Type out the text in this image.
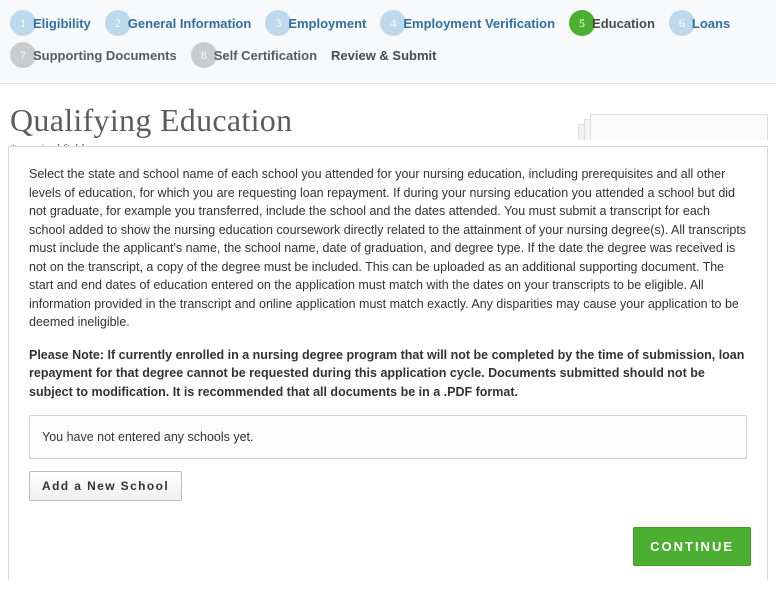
1 Eligibility	2 General Information	3 Employment	4 Employment Verification	5 Education	6 Loans
7 Supporting Documents	8 Self Certification Review & Submit
Qualifying Education

Select the state and school name of each school you attended for your nursing education, including prerequisites and all other levels of education, for which you are requesting loan repayment. If during your nursing education you attended a school but did not graduate, for example you transferred, include the school and the dates attended. You must submit a transcript for each school added to show the nursing education coursework directly related to the attainment of your nursing degree(s). All transcripts must include the applicant's name, the school name, date of graduation, and degree type. If the date the degree was received is not on the transcript, a copy of the degree must be included. This can be uploaded as an additional supporting document. The start and end dates of education entered on the application must match with the dates on your transcripts to be eligible. All information provided in the transcript and online application must match exactly. Any disparities may cause your application to be deemed ineligible.

Please Note: If currently enrolled in a nursing degree program that will not be completed by the time of submission, loan repayment for that degree cannot be requested during this application cycle. Documents submitted should not be subject to modification. It is recommended that all documents be in a .PDF format.

You have not entered any schools yet.
Add a New School
CONTINUE
